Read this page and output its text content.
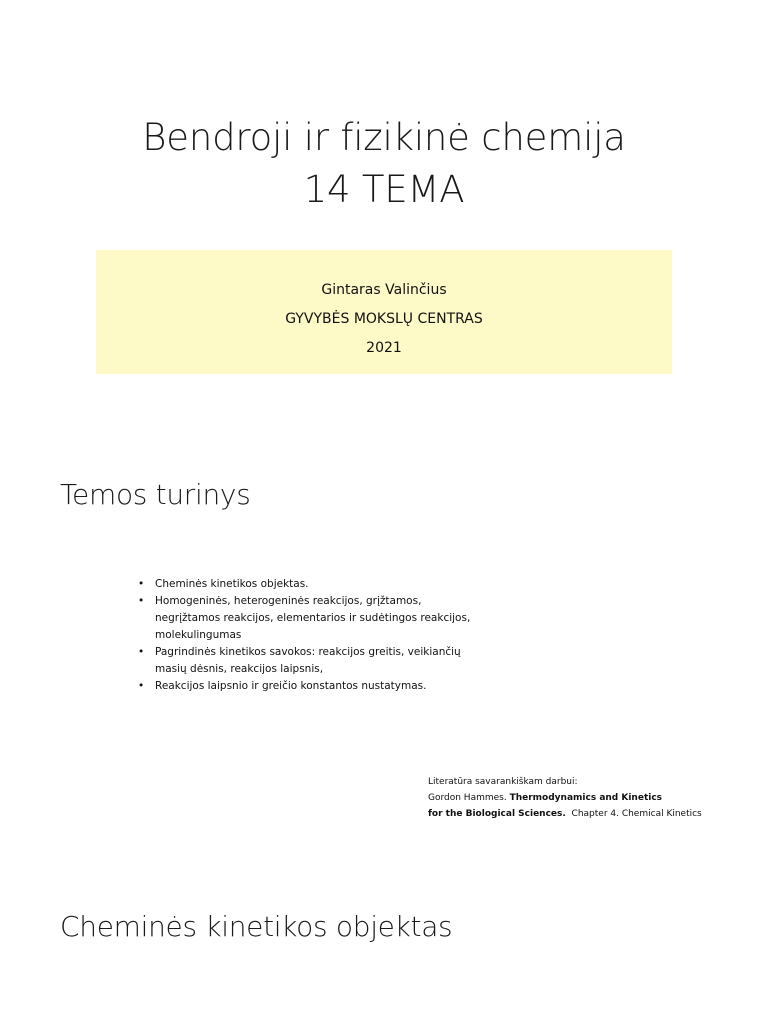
Bendroji ir fizikinė chemija
14 TEMA
Gintaras Valinčius
GYVYBĖS MOKSLŲ CENTRAS
2021
Temos turinys
• Cheminės kinetikos objektas.
• Homogeninės, heterogeninės reakcijos, grįžtamos,
negrįžtamos reakcijos, elementarios ir sudėtingos reakcijos,
molekulingumas
• Pagrindinės kinetikos savokos: reakcijos greitis, veikiančių
masių dėsnis, reakcijos laipsnis,
• Reakcijos laipsnio ir greičio konstantos nustatymas.
Literatūra savarankiškam darbui:
Gordon Hammes. Thermodynamics and Kinetics
for the Biological Sciences. Chapter 4. Chemical Kinetics
Cheminės kinetikos objektas
